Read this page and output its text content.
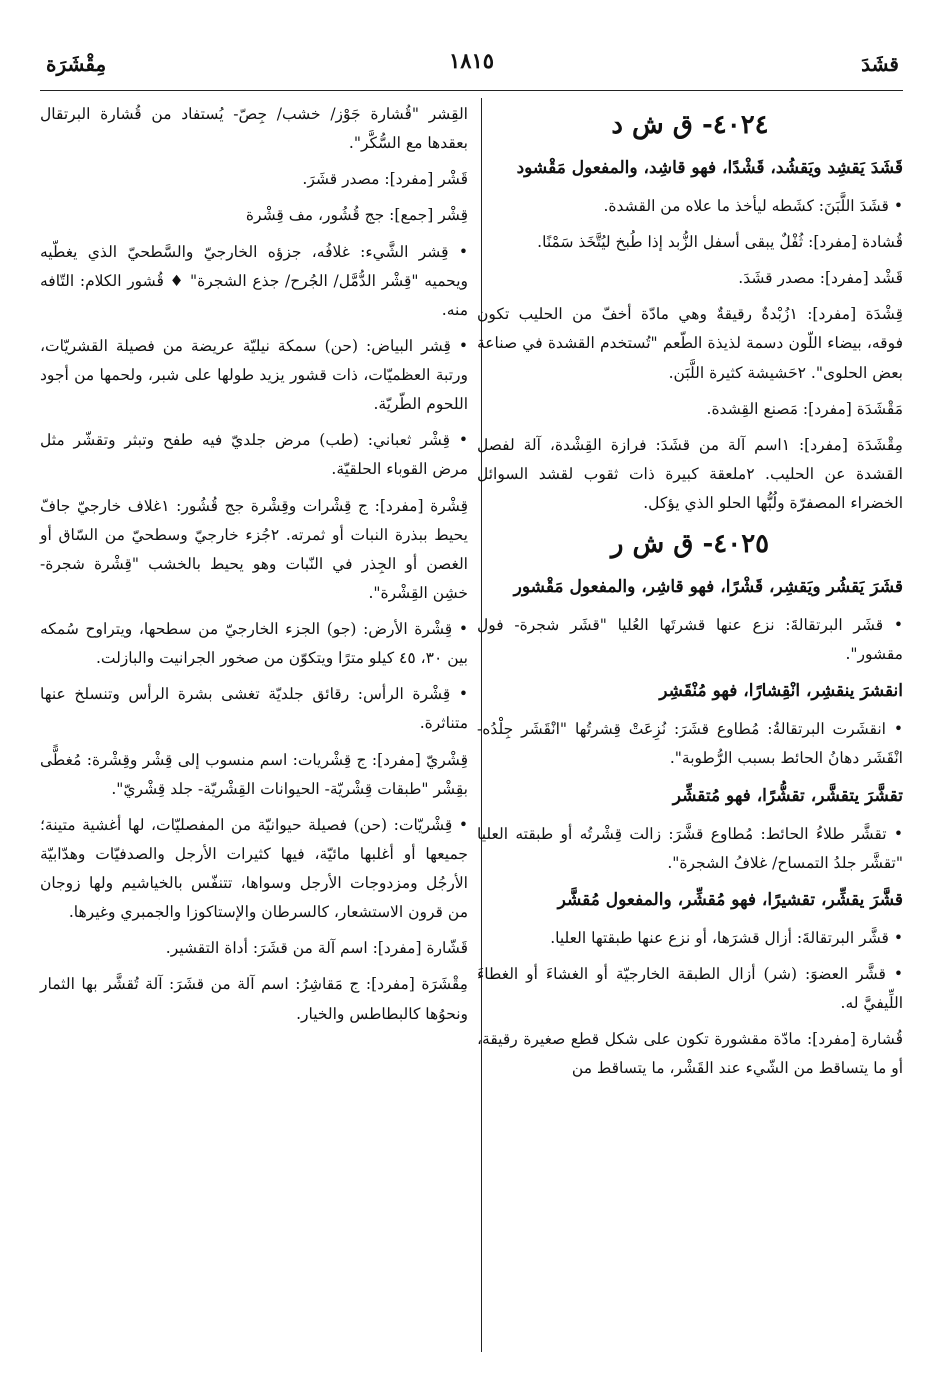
قشَدَ
١٨١٥
مِقْشَرَة
٤٠٢٤- ق ش د

قَشَدَ يَقشِد ويَقشُد، قَشْدًا، فهو قاشِد، والمفعول مَقْشود

• قشَدَ اللَّبَنَ: كشَطه ليأخذ ما علاه من القشدة.

قُشادة [مفرد]: ثُفْلٌ يبقى أسفل الزُّبد إذا طُبخ ليُتَّخَذ سَمْنًا.

قَشْد [مفرد]: مصدر قشَدَ.

قِشْدَة [مفرد]: ١زُبْدةٌ رقيقةٌ وهي مادّة أخفّ من الحليب تكون فوقه، بيضاء اللّون دسمة لذيذة الطّعم "تُستخدم القشدة في صناعة بعض الحلوى". ٢حَشيشة كثيرة اللَّبَن.

مَقْشَدَة [مفرد]: مَصنع القِشدة.

مِقْشَدَة [مفرد]: ١اسم آلة من قشَدَ: فرازة القِشْدة، آلة لفصل القشدة عن الحليب. ٢ملعقة كبيرة ذات ثقوب لقشد السوائل الخضراء المصفرّة ولُبُّها الحلو الذي يؤكل.

٤٠٢٥- ق ش ر

قشَرَ يَقشُر ويَقشِر، قَشْرًا، فهو قاشِر، والمفعول مَقْشور

• قشَر البرتقالةَ: نزع عنها قشرتَها العُليا "قشَر شجرة- فول مقشور".

انقشرَ ينقشِر، انْقِشارًا، فهو مُنْقَشِر

• انقشَرت البرتقالةُ: مُطاوع قشَرَ: نُزِعَتْ قِشرتُها "انْقَشَر جِلْدُه- انْقَشَر دهانُ الحائط بسبب الرُّطوبة".

تقشَّرَ يتقشَّر، تقشُّرًا، فهو مُتقشِّر

• تقشَّر طلاءُ الحائط: مُطاوع قشَّرَ: زالت قِشْرتُه أو طبقته العليا "تقشَّر جلدُ التمساح/ غلافُ الشجرة".

قشَّرَ يقشِّر، تقشيرًا، فهو مُقشِّر، والمفعول مُقشَّر

• قشَّر البرتقالةَ: أزال قشرَها، أو نزع عنها طبقتها العليا.

• قشَّر العضوَ: (شر) أزال الطبقة الخارجيّة أو الغشاءَ أو الغطاءَ اللِّيفيَّ له.

قُشارة [مفرد]: مادّة مقشورة تكون على شكل قطع صغيرة رقيقة، أو ما يتساقط من الشّيء عند القَشْر، ما يتساقط من

القِشر "قُشارة جَوْز/ خشب/ جِصّ- يُستفاد من قُشارة البرتقال بعقدها مع السُّكَّر".

قَشْر [مفرد]: مصدر قشَرَ.

قِشْر [جمع]: جج قُشُور، مف قِشْرة

• قِشر الشَّيء: غلافُه، جزؤه الخارجيّ والسَّطحيّ الذي يغطّيه ويحميه "قِشْر الدُّمَّل/ الجُرح/ جذع الشجرة" ♦ قُشور الكلام: التّافه منه.

• قِشر البياض: (حن) سمكة نيليّة عريضة من فصيلة القشريّات، ورتبة العظميّات، ذات قشور يزيد طولها على شبر، ولحمها من أجود اللحوم الطّريّة.

• قِشْر ثعباني: (طب) مرض جلديّ فيه طفح وتبثر وتقشّر مثل مرض القوباء الحلقيّة.

قِشْرة [مفرد]: ج قِشْرات وقِشْرة جج قُشُور: ١غلاف خارجيّ جافّ يحيط ببذرة النبات أو ثمرته. ٢جُزء خارجيّ وسطحيّ من السّاق أو الغصن أو الجِذر في النّبات وهو يحيط بالخشب "قِشْرة شجرة- خشِن القِشْرة".

• قِشْرة الأرض: (جو) الجزء الخارجيّ من سطحها، ويتراوح سُمكه بين ٣٠، ٤٥ كيلو مترًا ويتكوّن من صخور الجرانيت والبازلت.

• قِشْرة الرأس: رقائق جلديّة تغشى بشرة الرأس وتنسلخ عنها متناثرة.

قِشْريّ [مفرد]: ج قِشْريات: اسم منسوب إلى قِشْر وقِشْرة: مُغطًّى بقِشْر "طبقات قِشْريّة- الحيوانات القِشْريّة- جلد قِشْريّ".

• قِشْريّات: (حن) فصيلة حيوانيّة من المفصليّات، لها أغشية متينة؛ جميعها أو أغلبها مائيّة، فيها كثيرات الأرجل والصدفيّات وهدّابيّة الأرجُل ومزدوجات الأرجل وسواها، تتنفّس بالخياشيم ولها زوجان من قرون الاستشعار، كالسرطان والإستاكوزا والجمبري وغيرها.

قَشّارة [مفرد]: اسم آلة من قشَرَ: أداة التقشير.

مِقْشَرَة [مفرد]: ج مَقاشِرُ: اسم آلة من قشَرَ: آلة تُقشَّر بها الثمار ونحوُها كالبطاطس والخيار.
